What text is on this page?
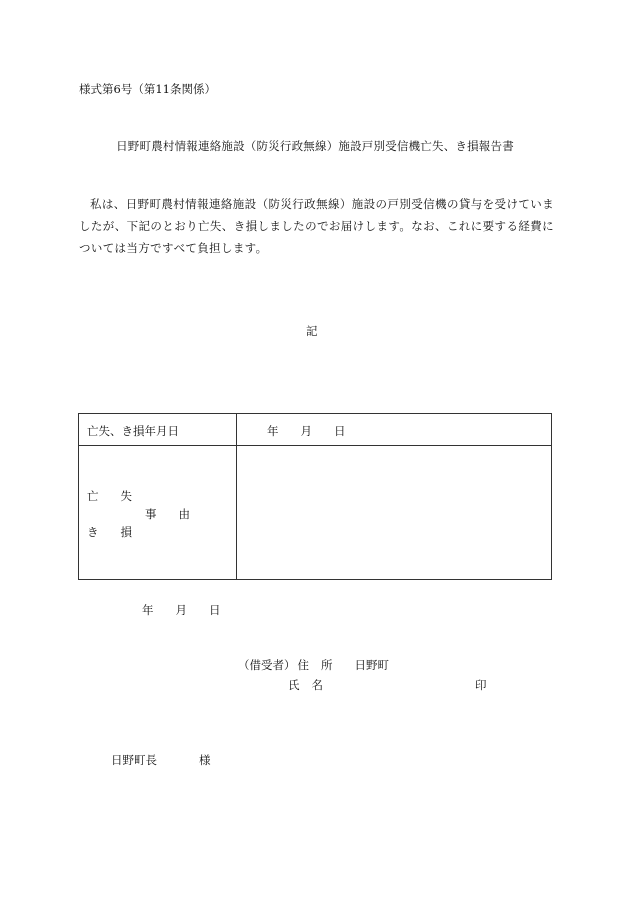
様式第6号（第11条関係）
日野町農村情報連絡施設（防災行政無線）施設戸別受信機亡失、き損報告書
私は、日野町農村情報連絡施設（防災行政無線）施設の戸別受信機の貸与を受けていましたが、下記のとおり亡失、き損しましたのでお届けします。なお、これに要する経費については当方ですべて負担します。
記
亡失、き損年月日	年 月 日
亡 失
事 由
き 損
年 月 日
（借受者） 住 所 日野町
氏 名	印
日野町長	様
